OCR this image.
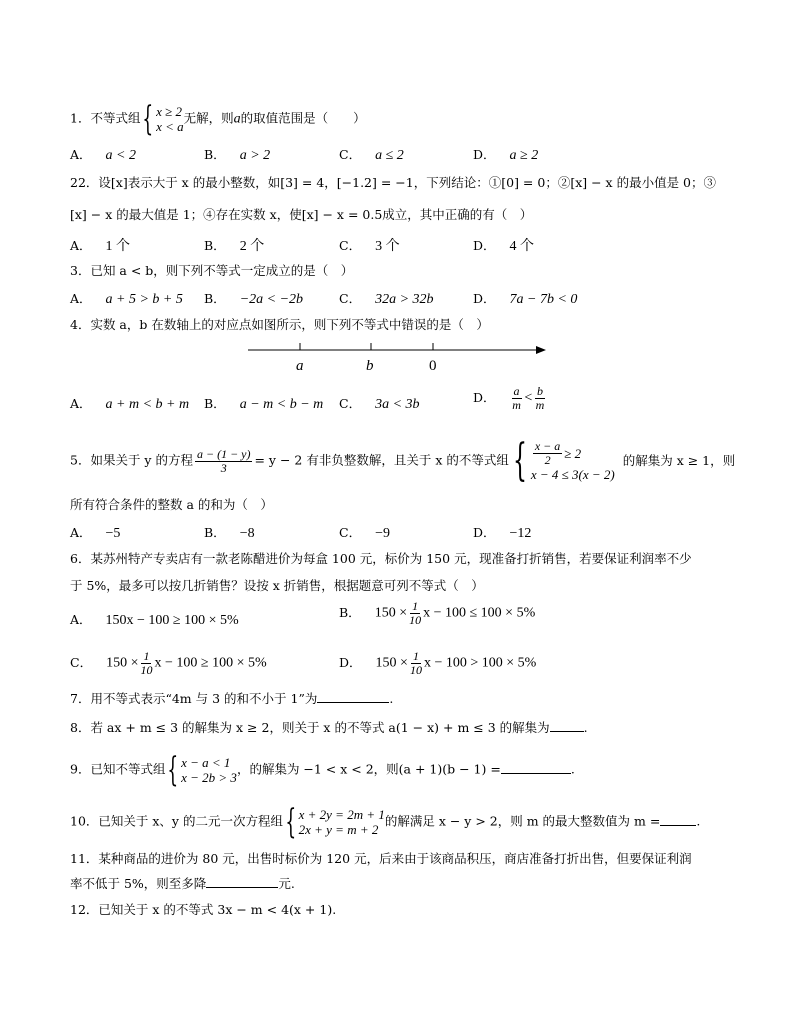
1．不等式组 { x ≥ 2
x < a
无解，则a的取值范围是（　　）
A． a < 2	B． a > 2	C． a ≤ 2	D． a ≥ 2
22．设[x]表示大于 x 的最小整数，如[3] = 4，[−1.2] = −1，下列结论：①[0] = 0；②[x] − x 的最小值是 0；③
[x] − x 的最大值是 1；④存在实数 x，使[x] − x = 0.5成立，其中正确的有（　）
A． 1 个	B． 2 个	C． 3 个	D． 4 个
3．已知 a < b，则下列不等式一定成立的是（　）
A． a + 5 > b + 5 B． −2a < −2b	C． 32a > 32b	D． 7a − 7b < 0
4．实数 a，b 在数轴上的对应点如图所示，则下列不等式中错误的是（　）
a	b	0
A． a + m < b + m B． a − m < b − m C． 3a < 3b	D． $\frac{a}{m} < \frac{b}{m}$
5．如果关于 y 的方程 $\frac{a - (1 - y)}{3} = y - 2$ 有非负整数解，且关于 x 的不等式组 { $\frac{x - a}{2} \ge 2$
x − 4 ≤ 3(x − 2)
的解集为 x ≥ 1，则
所有符合条件的整数 a 的和为（　）
A． −5	B． −8	C． −9	D． −12
6．某苏州特产专卖店有一款老陈醋进价为每盒 100 元，标价为 150 元，现准备打折销售，若要保证利润率不少
于 5%，最多可以按几折销售？设按 x 折销售，根据题意可列不等式（　）
A． 150x − 100 ≥ 100 × 5%
B． $150 \times \frac{1}{10}$ x − 100 ≤ 100 × 5%
C． $150 \times \frac{1}{10}$ x − 100 ≥ 100 × 5%	D． $150 \times \frac{1}{10}$ x − 100 > 100 × 5%
7．用不等式表示“4m 与 3 的和不小于 1”为	.
8．若 ax + m ≤ 3 的解集为 x ≥ 2，则关于 x 的不等式 a(1 − x) + m ≤ 3 的解集为	.
9．已知不等式组 { x − a < 1
x − 2b > 3
，的解集为 −1 < x < 2，则(a + 1)(b − 1) =	.
10．已知关于 x、y 的二元一次方程组 { x + 2y = 2m + 1
2x + y = m + 2
的解满足 x − y > 2，则 m 的最大整数值为 m =	.
11．某种商品的进价为 80 元，出售时标价为 120 元，后来由于该商品积压，商店准备打折出售，但要保证利润
率不低于 5%，则至多降	元.
12．已知关于 x 的不等式 3x − m < 4(x + 1).
